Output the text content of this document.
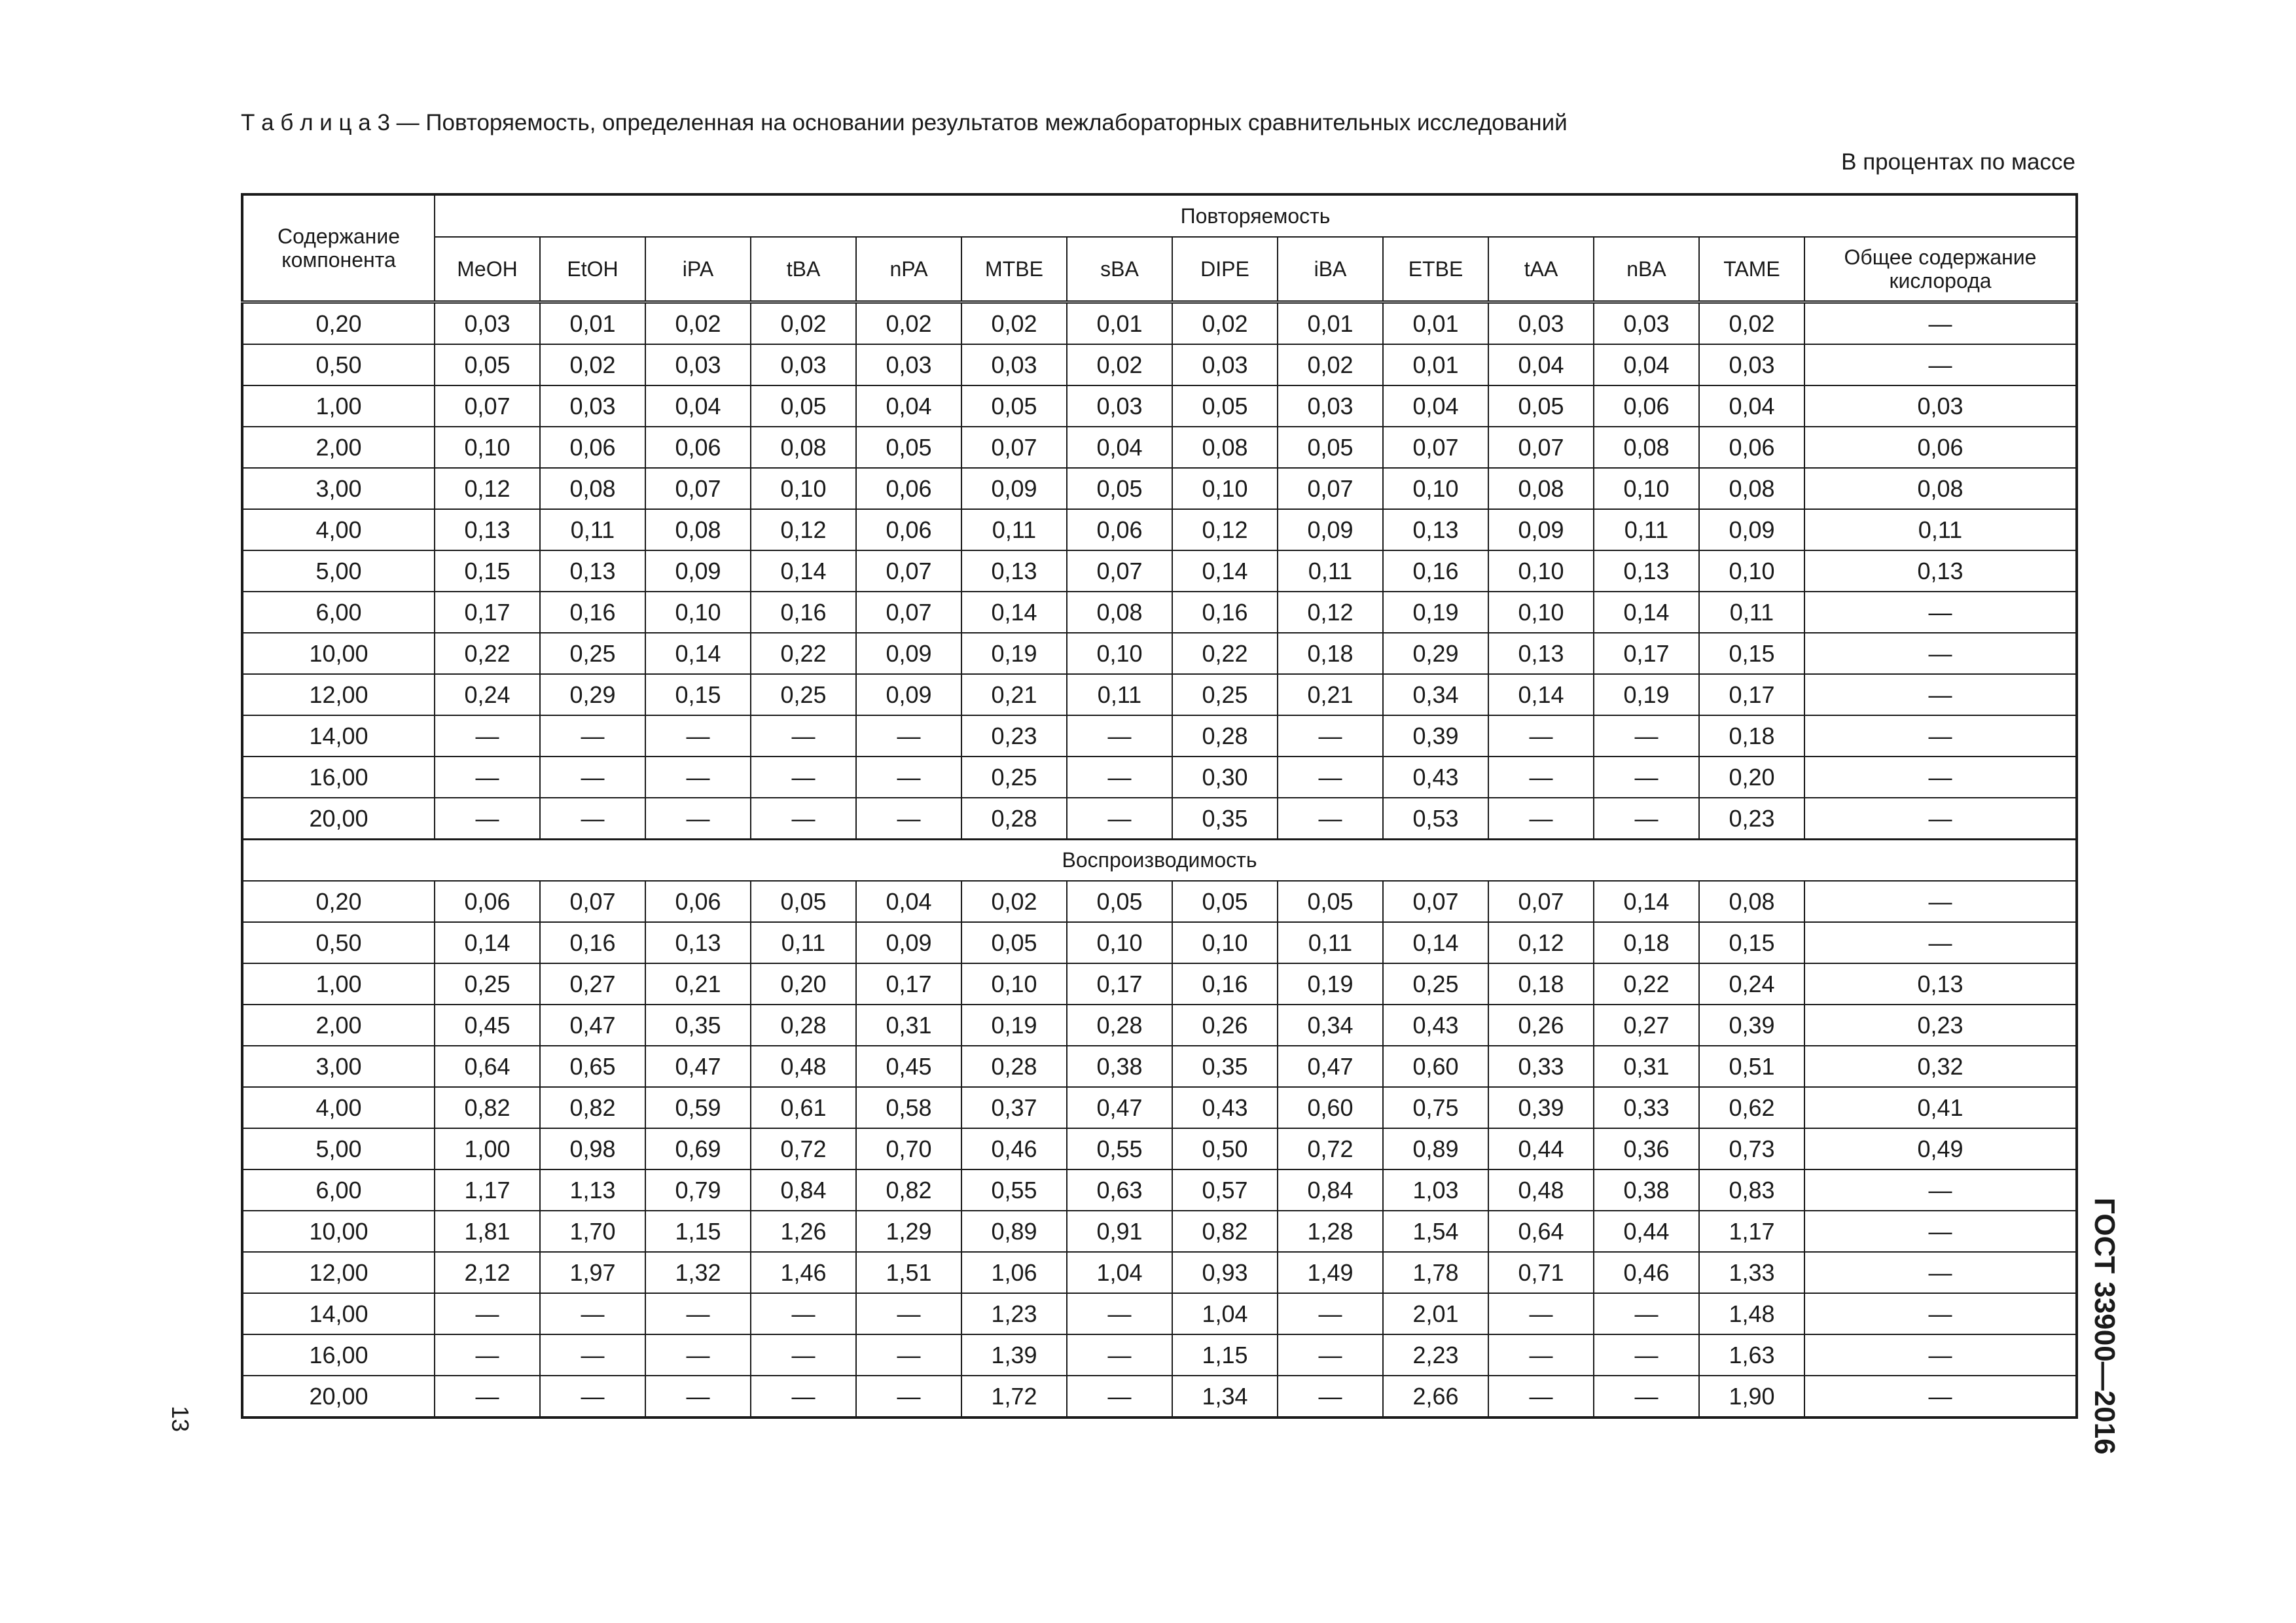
Т а б л и ц а 3 — Повторяемость, определенная на основании результатов межлабораторных сравнительных исследований
В процентах по массе
Содержание компонента	Повторяемость													
	MeOH	EtOH	iPA	tBA	nPA	MTBE	sBA	DIPE	iBA	ETBE	tAA	nBA	TAME	Общее содержание кислорода
0,20	0,03	0,01	0,02	0,02	0,02	0,02	0,01	0,02	0,01	0,01	0,03	0,03	0,02	—
0,50	0,05	0,02	0,03	0,03	0,03	0,03	0,02	0,03	0,02	0,01	0,04	0,04	0,03	—
1,00	0,07	0,03	0,04	0,05	0,04	0,05	0,03	0,05	0,03	0,04	0,05	0,06	0,04	0,03
2,00	0,10	0,06	0,06	0,08	0,05	0,07	0,04	0,08	0,05	0,07	0,07	0,08	0,06	0,06
3,00	0,12	0,08	0,07	0,10	0,06	0,09	0,05	0,10	0,07	0,10	0,08	0,10	0,08	0,08
4,00	0,13	0,11	0,08	0,12	0,06	0,11	0,06	0,12	0,09	0,13	0,09	0,11	0,09	0,11
5,00	0,15	0,13	0,09	0,14	0,07	0,13	0,07	0,14	0,11	0,16	0,10	0,13	0,10	0,13
6,00	0,17	0,16	0,10	0,16	0,07	0,14	0,08	0,16	0,12	0,19	0,10	0,14	0,11	—
10,00	0,22	0,25	0,14	0,22	0,09	0,19	0,10	0,22	0,18	0,29	0,13	0,17	0,15	—
12,00	0,24	0,29	0,15	0,25	0,09	0,21	0,11	0,25	0,21	0,34	0,14	0,19	0,17	—
14,00	—	—	—	—	—	0,23	—	0,28	—	0,39	—	—	0,18	—
16,00	—	—	—	—	—	0,25	—	0,30	—	0,43	—	—	0,20	—
20,00	—	—	—	—	—	0,28	—	0,35	—	0,53	—	—	0,23	—
Воспроизводимость														
0,20	0,06	0,07	0,06	0,05	0,04	0,02	0,05	0,05	0,05	0,07	0,07	0,14	0,08	—
0,50	0,14	0,16	0,13	0,11	0,09	0,05	0,10	0,10	0,11	0,14	0,12	0,18	0,15	—
1,00	0,25	0,27	0,21	0,20	0,17	0,10	0,17	0,16	0,19	0,25	0,18	0,22	0,24	0,13
2,00	0,45	0,47	0,35	0,28	0,31	0,19	0,28	0,26	0,34	0,43	0,26	0,27	0,39	0,23
3,00	0,64	0,65	0,47	0,48	0,45	0,28	0,38	0,35	0,47	0,60	0,33	0,31	0,51	0,32
4,00	0,82	0,82	0,59	0,61	0,58	0,37	0,47	0,43	0,60	0,75	0,39	0,33	0,62	0,41
5,00	1,00	0,98	0,69	0,72	0,70	0,46	0,55	0,50	0,72	0,89	0,44	0,36	0,73	0,49
6,00	1,17	1,13	0,79	0,84	0,82	0,55	0,63	0,57	0,84	1,03	0,48	0,38	0,83	—
10,00	1,81	1,70	1,15	1,26	1,29	0,89	0,91	0,82	1,28	1,54	0,64	0,44	1,17	—
12,00	2,12	1,97	1,32	1,46	1,51	1,06	1,04	0,93	1,49	1,78	0,71	0,46	1,33	—
14,00	—	—	—	—	—	1,23	—	1,04	—	2,01	—	—	1,48	—
16,00	—	—	—	—	—	1,39	—	1,15	—	2,23	—	—	1,63	—
20,00	—	—	—	—	—	1,72	—	1,34	—	2,66	—	—	1,90	—	ГОСТ 33900—2016
13
